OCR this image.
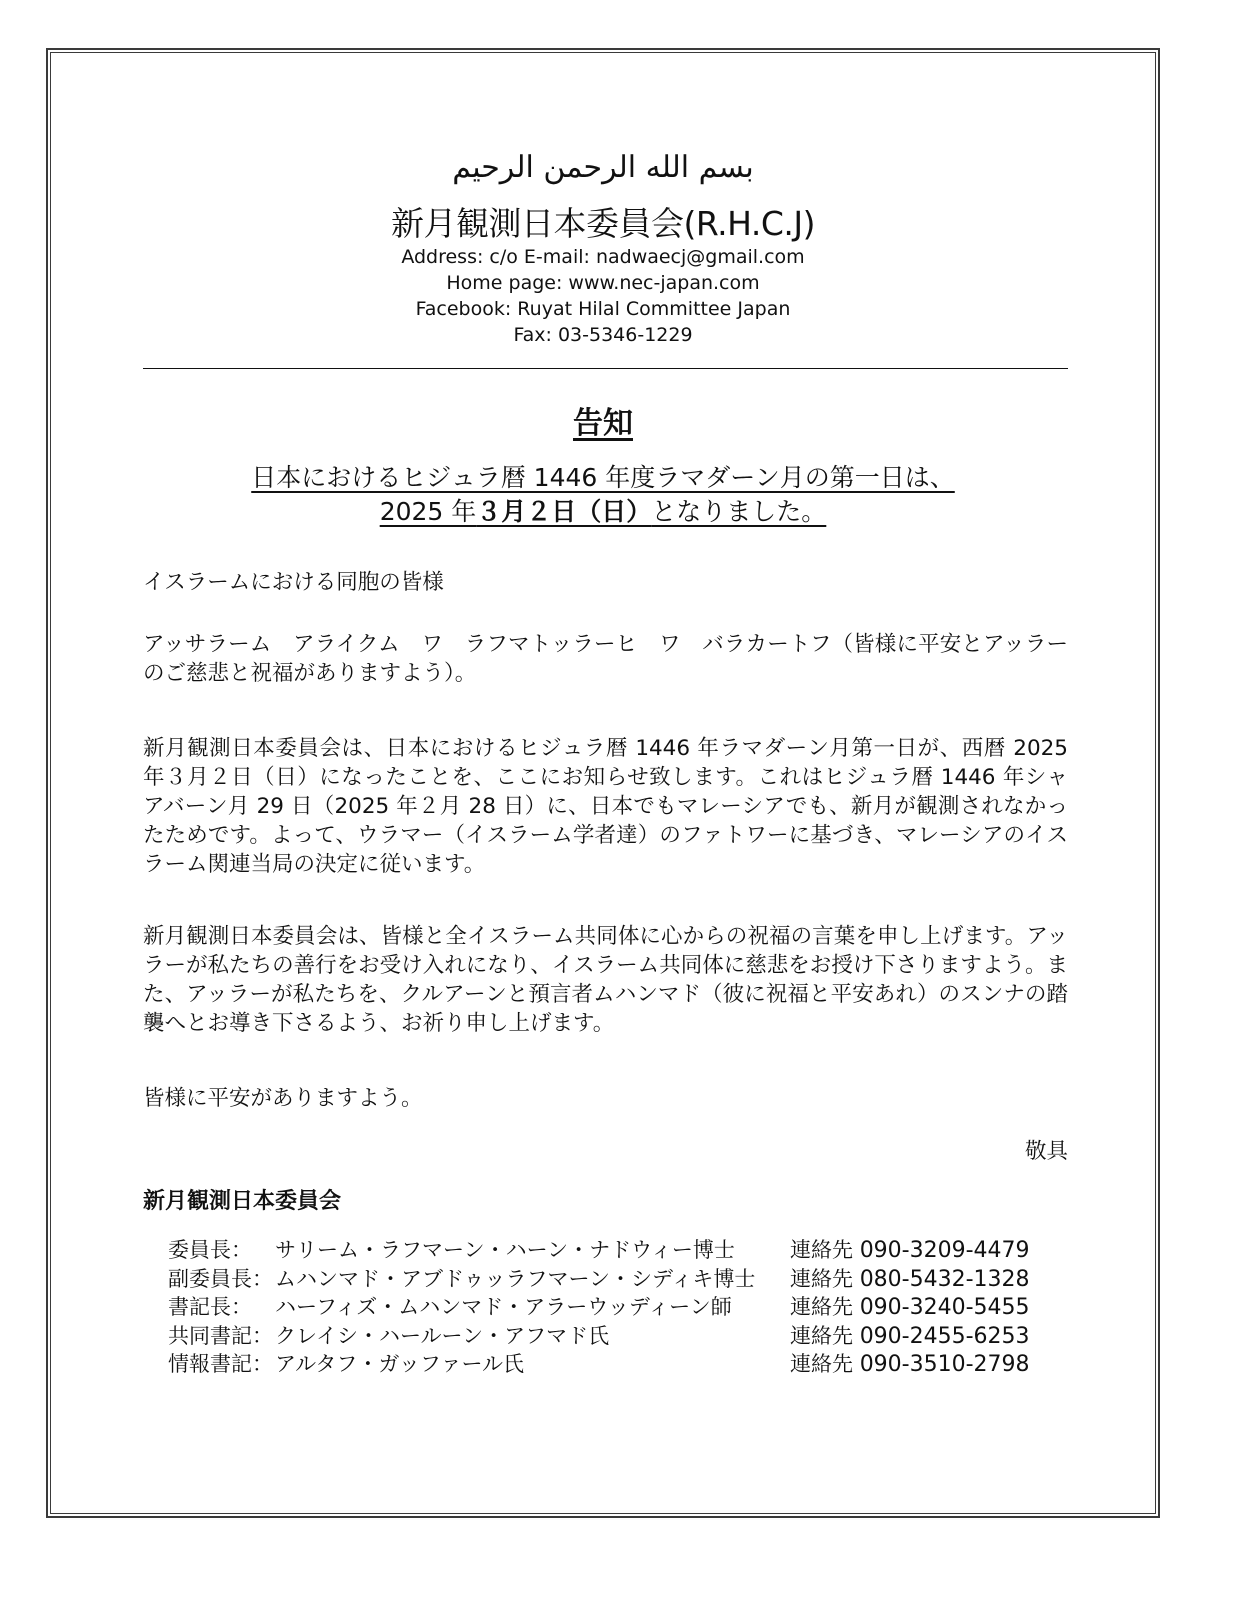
بسم الله الرحمن الرحيم
新月観測日本委員会(R.H.C.J)
Address: c/o E-mail: nadwaecj@gmail.com
Home page: www.nec-japan.com
Facebook: Ruyat Hilal Committee Japan
Fax: 03-5346-1229
告知
日本におけるヒジュラ暦 1446 年度ラマダーン月の第一日は、
2025 年３月２日（日）となりました。
イスラームにおける同胞の皆様
アッサラーム　アライクム　ワ　ラフマトッラーヒ　ワ　バラカートフ（皆様に平安とアッラーのご慈悲と祝福がありますよう）。
新月観測日本委員会は、日本におけるヒジュラ暦 1446 年ラマダーン月第一日が、西暦 2025 年３月２日（日）になったことを、ここにお知らせ致します。これはヒジュラ暦 1446 年シャアバーン月 29 日（2025 年２月 28 日）に、日本でもマレーシアでも、新月が観測されなかったためです。よって、ウラマー（イスラーム学者達）のファトワーに基づき、マレーシアのイスラーム関連当局の決定に従います。
新月観測日本委員会は、皆様と全イスラーム共同体に心からの祝福の言葉を申し上げます。アッラーが私たちの善行をお受け入れになり、イスラーム共同体に慈悲をお授け下さりますよう。また、アッラーが私たちを、クルアーンと預言者ムハンマド（彼に祝福と平安あれ）のスンナの踏襲へとお導き下さるよう、お祈り申し上げます。
皆様に平安がありますよう。
敬具
新月観測日本委員会
委員長：	サリーム・ラフマーン・ハーン・ナドウィー博士	連絡先 090-3209-4479
副委員長： ムハンマド・アブドゥッラフマーン・シディキ博士 連絡先 080-5432-1328
書記長：	ハーフィズ・ムハンマド・アラーウッディーン師	連絡先 090-3240-5455
共同書記： クレイシ・ハールーン・アフマド氏	連絡先 090-2455-6253
情報書記： アルタフ・ガッファール氏	連絡先 090-3510-2798
